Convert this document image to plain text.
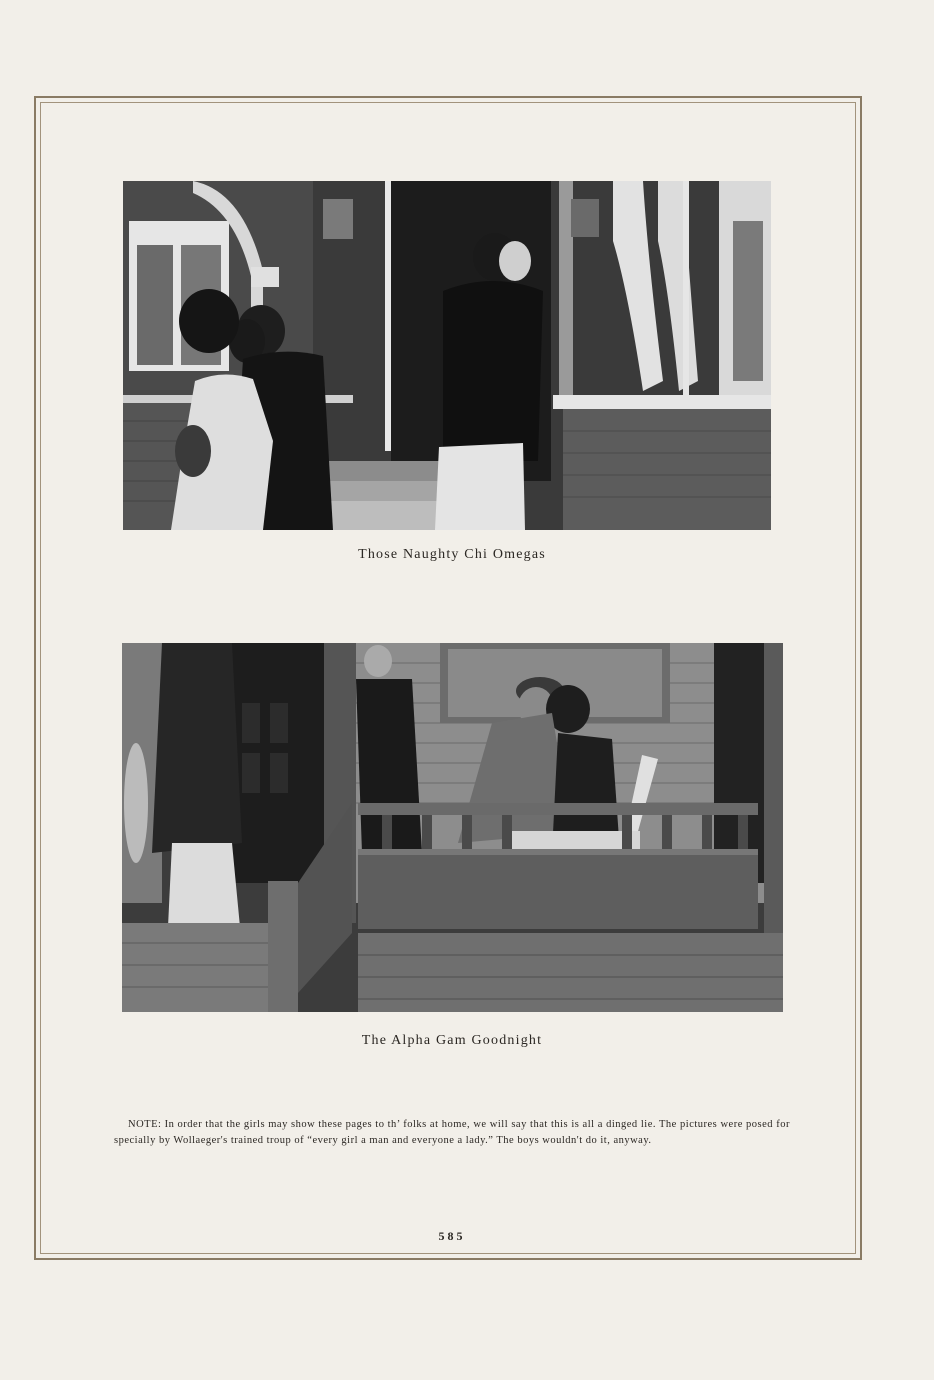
Those Naughty Chi Omegas
The Alpha Gam Goodnight
NOTE: In order that the girls may show these pages to th’ folks at home, we will say that this is all a dinged lie. The pictures were posed for specially by Wollaeger's trained troup of “every girl a man and everyone a lady.” The boys wouldn't do it, anyway.
585
